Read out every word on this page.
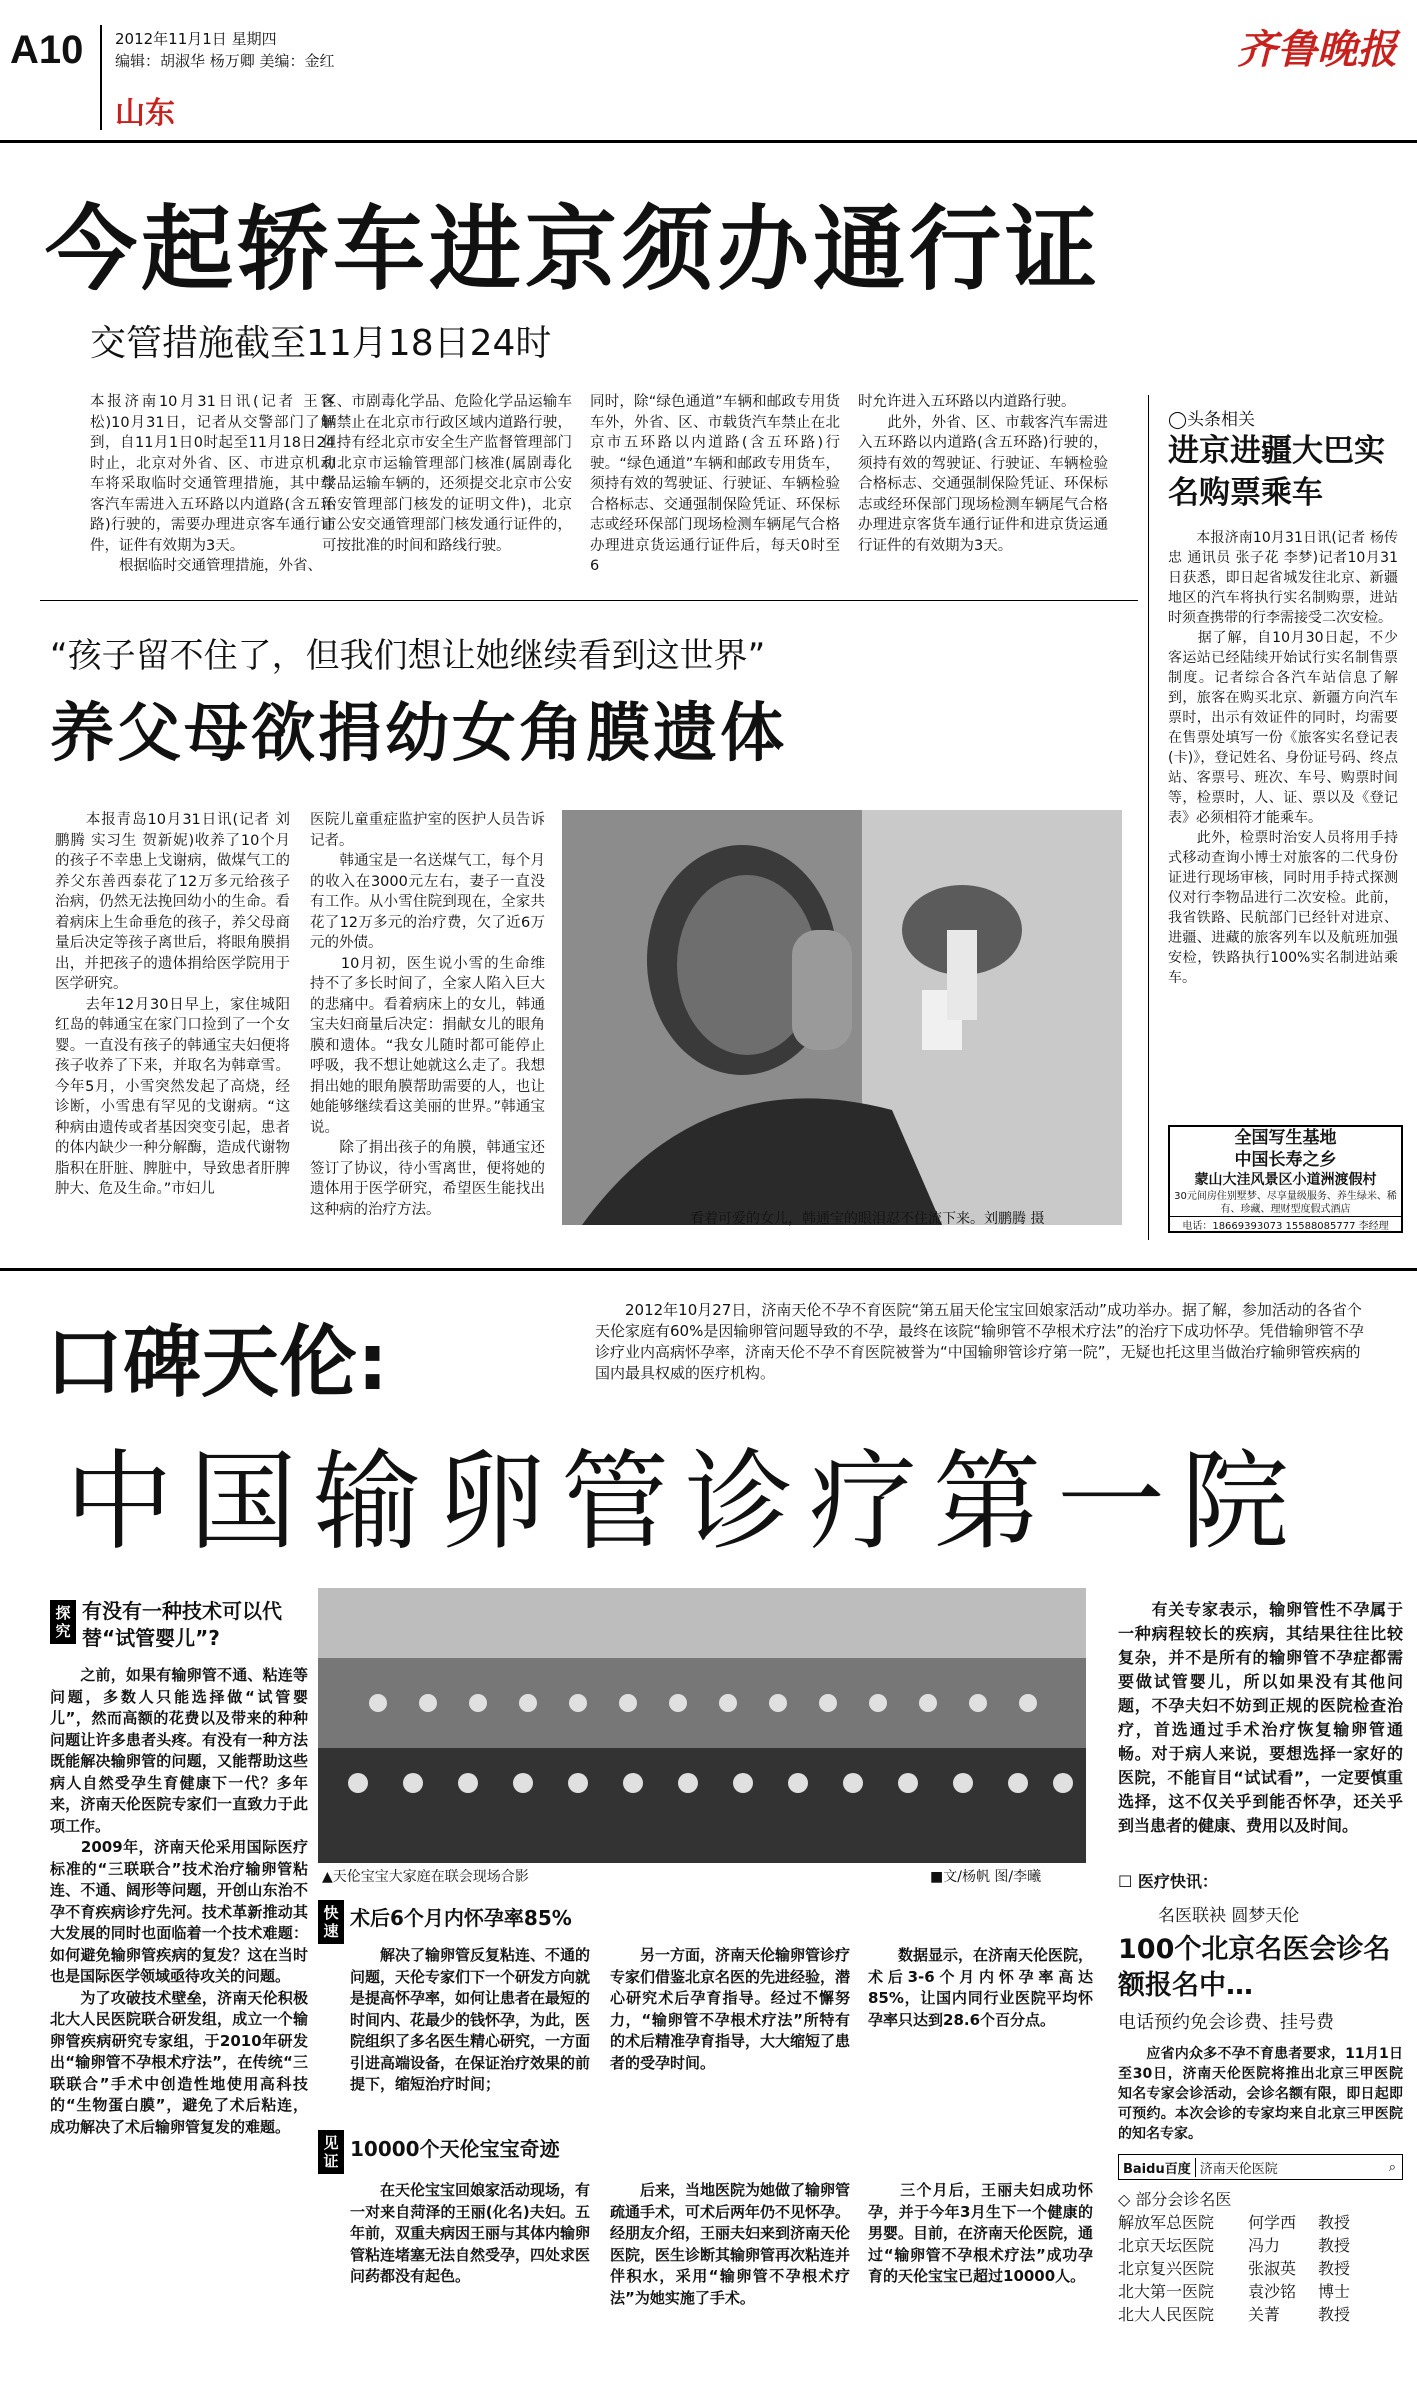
A10 2012年11月1日 星期四
编辑：胡淑华 杨万卿 美编：金红
山东
齐鲁晚报
今起轿车进京须办通行证
交管措施截至11月18日24时
本报济南10月31日讯(记者 王客松)10月31日，记者从交警部门了解到，自11月1日0时起至11月18日24时止，北京对外省、区、市进京机动车将采取临时交通管理措施，其中载客汽车需进入五环路以内道路(含五环路)行驶的，需要办理进京客车通行证件，证件有效期为3天。
　　根据临时交通管理措施，外省、
区、市剧毒化学品、危险化学品运输车辆禁止在北京市行政区域内道路行驶，但持有经北京市安全生产监督管理部门和北京市运输管理部门核准(属剧毒化学品运输车辆的，还须提交北京市公安治安管理部门核发的证明文件)，北京市公安交通管理部门核发通行证件的，可按批准的时间和路线行驶。
同时，除“绿色通道”车辆和邮政专用货车外，外省、区、市载货汽车禁止在北京市五环路以内道路(含五环路)行驶。“绿色通道”车辆和邮政专用货车，须持有效的驾驶证、行驶证、车辆检验合格标志、交通强制保险凭证、环保标志或经环保部门现场检测车辆尾气合格办理进京货运通行证件后，每天0时至6
时允许进入五环路以内道路行驶。
　　此外，外省、区、市载客汽车需进入五环路以内道路(含五环路)行驶的，须持有效的驾驶证、行驶证、车辆检验合格标志、交通强制保险凭证、环保标志或经环保部门现场检测车辆尾气合格办理进京客货车通行证件和进京货运通行证件的有效期为3天。
◯头条相关
进京进疆大巴实名购票乘车
　　本报济南10月31日讯(记者 杨传忠 通讯员 张子花 李梦)记者10月31日获悉，即日起省城发往北京、新疆地区的汽车将执行实名制购票，进站时须查携带的行李需接受二次安检。
　　据了解，自10月30日起，不少客运站已经陆续开始试行实名制售票制度。记者综合各汽车站信息了解到，旅客在购买北京、新疆方向汽车票时，出示有效证件的同时，均需要在售票处填写一份《旅客实名登记表(卡)》，登记姓名、身份证号码、终点站、客票号、班次、车号、购票时间等，检票时，人、证、票以及《登记表》必须相符才能乘车。
　　此外，检票时治安人员将用手持式移动查询小博士对旅客的二代身份证进行现场审核，同时用手持式探测仪对行李物品进行二次安检。此前，我省铁路、民航部门已经针对进京、进疆、进藏的旅客列车以及航班加强安检，铁路执行100%实名制进站乘车。
全国写生基地
中国长寿之乡
蒙山大洼风景区小道洲渡假村
30元间房住别墅梦、尽享量级服务、养生绿米、稀有、珍藏、理财型度假式酒店
电话：18669393073 15588085777 李经理
“孩子留不住了，但我们想让她继续看到这世界”
养父母欲捐幼女角膜遗体
　　本报青岛10月31日讯(记者 刘鹏腾 实习生 贺新妮)收养了10个月的孩子不幸患上戈谢病，做煤气工的养父东善西泰花了12万多元给孩子治病，仍然无法挽回幼小的生命。看着病床上生命垂危的孩子，养父母商量后决定等孩子离世后，将眼角膜捐出，并把孩子的遗体捐给医学院用于医学研究。
　　去年12月30日早上，家住城阳红岛的韩通宝在家门口捡到了一个女婴。一直没有孩子的韩通宝夫妇便将孩子收养了下来，并取名为韩章雪。今年5月，小雪突然发起了高烧，经诊断，小雪患有罕见的戈谢病。“这种病由遗传或者基因突变引起，患者的体内缺少一种分解酶，造成代谢物脂积在肝脏、脾脏中，导致患者肝脾肿大、危及生命。”市妇儿
医院儿童重症监护室的医护人员告诉记者。
　　韩通宝是一名送煤气工，每个月的收入在3000元左右，妻子一直没有工作。从小雪住院到现在，全家共花了12万多元的治疗费，欠了近6万元的外债。
　　10月初，医生说小雪的生命维持不了多长时间了，全家人陷入巨大的悲痛中。看着病床上的女儿，韩通宝夫妇商量后决定：捐献女儿的眼角膜和遗体。“我女儿随时都可能停止呼吸，我不想让她就这么走了。我想捐出她的眼角膜帮助需要的人，也让她能够继续看这美丽的世界。”韩通宝说。
　　除了捐出孩子的角膜，韩通宝还签订了协议，待小雪离世，便将她的遗体用于医学研究，希望医生能找出这种病的治疗方法。
看着可爱的女儿，韩通宝的眼泪忍不住流下来。刘鹏腾 摄
口碑天伦:
　　2012年10月27日，济南天伦不孕不育医院“第五届天伦宝宝回娘家活动”成功举办。据了解，参加活动的各省个天伦家庭有60%是因输卵管问题导致的不孕，最终在该院“输卵管不孕根术疗法”的治疗下成功怀孕。凭借输卵管不孕诊疗业内高病怀孕率，济南天伦不孕不育医院被誉为“中国输卵管诊疗第一院”，无疑也托这里当做治疗输卵管疾病的国内最具权威的医疗机构。
中国输卵管诊疗第一院
探究
有没有一种技术可以代替“试管婴儿”?
　　之前，如果有输卵管不通、粘连等问题，多数人只能选择做“试管婴儿”，然而高额的花费以及带来的种种问题让许多患者头疼。有没有一种方法既能解决输卵管的问题，又能帮助这些病人自然受孕生育健康下一代？多年来，济南天伦医院专家们一直致力于此项工作。
　　2009年，济南天伦采用国际医疗标准的“三联联合”技术治疗输卵管粘连、不通、阔形等问题，开创山东治不孕不育疾病诊疗先河。技术革新推动其大发展的同时也面临着一个技术难题：如何避免输卵管疾病的复发？这在当时也是国际医学领域亟待攻关的问题。
　　为了攻破技术壁垒，济南天伦积极北大人民医院联合研发组，成立一个输卵管疾病研究专家组，于2010年研发出“输卵管不孕根术疗法”，在传统“三联联合”手术中创造性地使用高科技的“生物蛋白膜”，避免了术后粘连，成功解决了术后输卵管复发的难题。
▲天伦宝宝大家庭在联会现场合影	■文/杨帆 图/李曦
快速
术后6个月内怀孕率85%
　　解决了输卵管反复粘连、不通的问题，天伦专家们下一个研发方向就是提高怀孕率，如何让患者在最短的时间内、花最少的钱怀孕，为此，医院组织了多名医生精心研究，一方面引进高端设备，在保证治疗效果的前提下，缩短治疗时间；
　　另一方面，济南天伦输卵管诊疗专家们借鉴北京名医的先进经验，潜心研究术后孕育指导。经过不懈努力，“输卵管不孕根术疗法”所特有的术后精准孕育指导，大大缩短了患者的受孕时间。
　　数据显示，在济南天伦医院，术后3-6个月内怀孕率高达85%，让国内同行业医院平均怀孕率只达到28.6个百分点。
见证 10000个天伦宝宝奇迹
　　在天伦宝宝回娘家活动现场，有一对来自菏泽的王丽(化名)夫妇。五年前，双重夫病因王丽与其体内输卵管粘连堵塞无法自然受孕，四处求医问药都没有起色。
　　后来，当地医院为她做了输卵管疏通手术，可术后两年仍不见怀孕。经朋友介绍，王丽夫妇来到济南天伦医院，医生诊断其输卵管再次粘连并伴积水，采用“输卵管不孕根术疗法”为她实施了手术。
　　三个月后，王丽夫妇成功怀孕，并于今年3月生下一个健康的男婴。目前，在济南天伦医院，通过“输卵管不孕根术疗法”成功孕育的天伦宝宝已超过10000人。
　　有关专家表示，输卵管性不孕属于一种病程较长的疾病，其结果往往比较复杂，并不是所有的输卵管不孕症都需要做试管婴儿，所以如果没有其他问题，不孕夫妇不妨到正规的医院检查治疗，首选通过手术治疗恢复输卵管通畅。对于病人来说，要想选择一家好的医院，不能盲目“试试看”，一定要慎重选择，这不仅关乎到能否怀孕，还关乎到当患者的健康、费用以及时间。
☐ 医疗快讯：
名医联袂 圆梦天伦
100个北京名医会诊名额报名中…
电话预约免会诊费、挂号费
　　应省内众多不孕不育患者要求，11月1日至30日，济南天伦医院将推出北京三甲医院知名专家会诊活动，会诊名额有限，即日起即可预约。本次会诊的专家均来自北京三甲医院的知名专家。
Baidu百度 济南天伦医院	⌕
◇ 部分会诊名医
解放军总医院	何学西	教授
北京天坛医院	冯力	教授
北京复兴医院	张淑英	教授
北大第一医院	袁沙铭	博士
北大人民医院	关菁	教授
